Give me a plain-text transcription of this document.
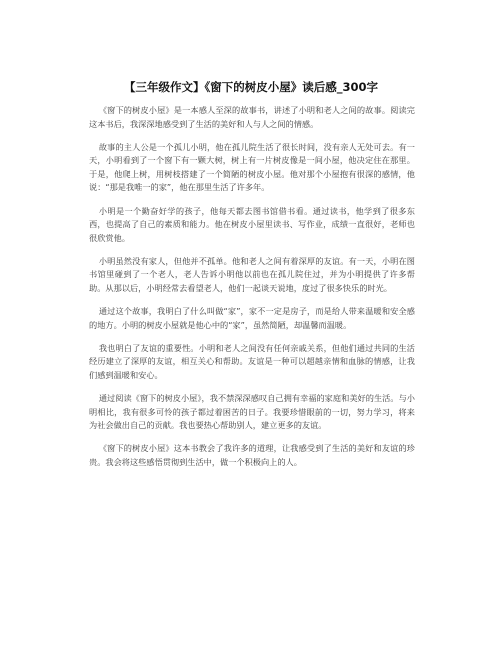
【三年级作文】《窗下的树皮小屋》读后感_300字

《窗下的树皮小屋》是一本感人至深的故事书，讲述了小明和老人之间的故事。阅读完这本书后，我深深地感受到了生活的美好和人与人之间的情感。

故事的主人公是一个孤儿小明，他在孤儿院生活了很长时间，没有亲人无处可去。有一天，小明看到了一个窗下有一颗大树，树上有一片树皮像是一间小屋，他决定住在那里。于是，他爬上树，用树枝搭建了一个简陋的树皮小屋。他对那个小屋抱有很深的感情，他说：“那是我唯一的家”，他在那里生活了许多年。

小明是一个勤奋好学的孩子，他每天都去图书馆借书看。通过读书，他学到了很多东西，也提高了自己的素质和能力。他在树皮小屋里读书、写作业，成绩一直很好，老师也很欣赏他。

小明虽然没有家人，但他并不孤单。他和老人之间有着深厚的友谊。有一天，小明在图书馆里碰到了一个老人，老人告诉小明他以前也在孤儿院住过，并为小明提供了许多帮助。从那以后，小明经常去看望老人，他们一起谈天说地，度过了很多快乐的时光。

通过这个故事，我明白了什么叫做“家”，家不一定是房子，而是给人带来温暖和安全感的地方。小明的树皮小屋就是他心中的“家”，虽然简陋，却温馨而温暖。

我也明白了友谊的重要性。小明和老人之间没有任何亲戚关系，但他们通过共同的生活经历建立了深厚的友谊，相互关心和帮助。友谊是一种可以超越亲情和血脉的情感，让我们感到温暖和安心。

通过阅读《窗下的树皮小屋》，我不禁深深感叹自己拥有幸福的家庭和美好的生活。与小明相比，我有很多可怜的孩子都过着困苦的日子。我要珍惜眼前的一切，努力学习，将来为社会做出自己的贡献。我也要热心帮助别人，建立更多的友谊。

《窗下的树皮小屋》这本书教会了我许多的道理，让我感受到了生活的美好和友谊的珍贵。我会将这些感悟贯彻到生活中，做一个积极向上的人。
